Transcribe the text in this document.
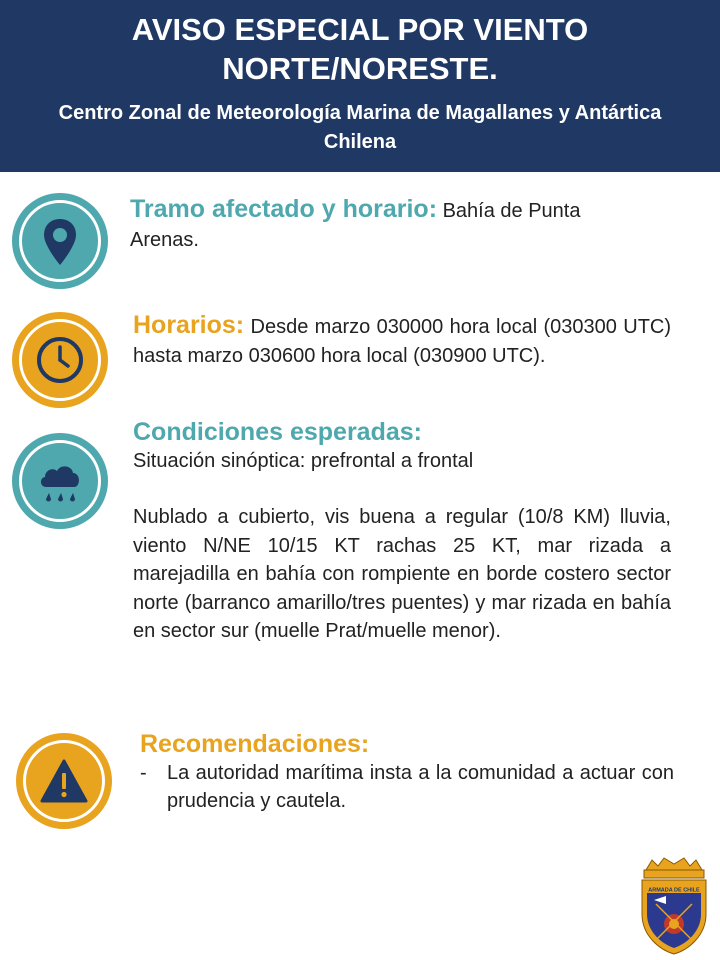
AVISO ESPECIAL POR VIENTO NORTE/NORESTE.
Centro Zonal de Meteorología Marina de Magallanes y Antártica Chilena
Tramo afectado y horario: Bahía de Punta Arenas.
Horarios: Desde marzo 030000 hora local (030300 UTC) hasta marzo 030600 hora local (030900 UTC).
Condiciones esperadas:
Situación sinóptica: prefrontal a frontal
Nublado a cubierto, vis buena a regular (10/8 KM) lluvia, viento N/NE 10/15 KT rachas 25 KT, mar rizada a marejadilla en bahía con rompiente en borde costero sector norte (barranco amarillo/tres puentes) y mar rizada en bahía en sector sur (muelle Prat/muelle menor).
Recomendaciones:
- La autoridad marítima insta a la comunidad a actuar con prudencia y cautela.
ARMADA DE CHILE
